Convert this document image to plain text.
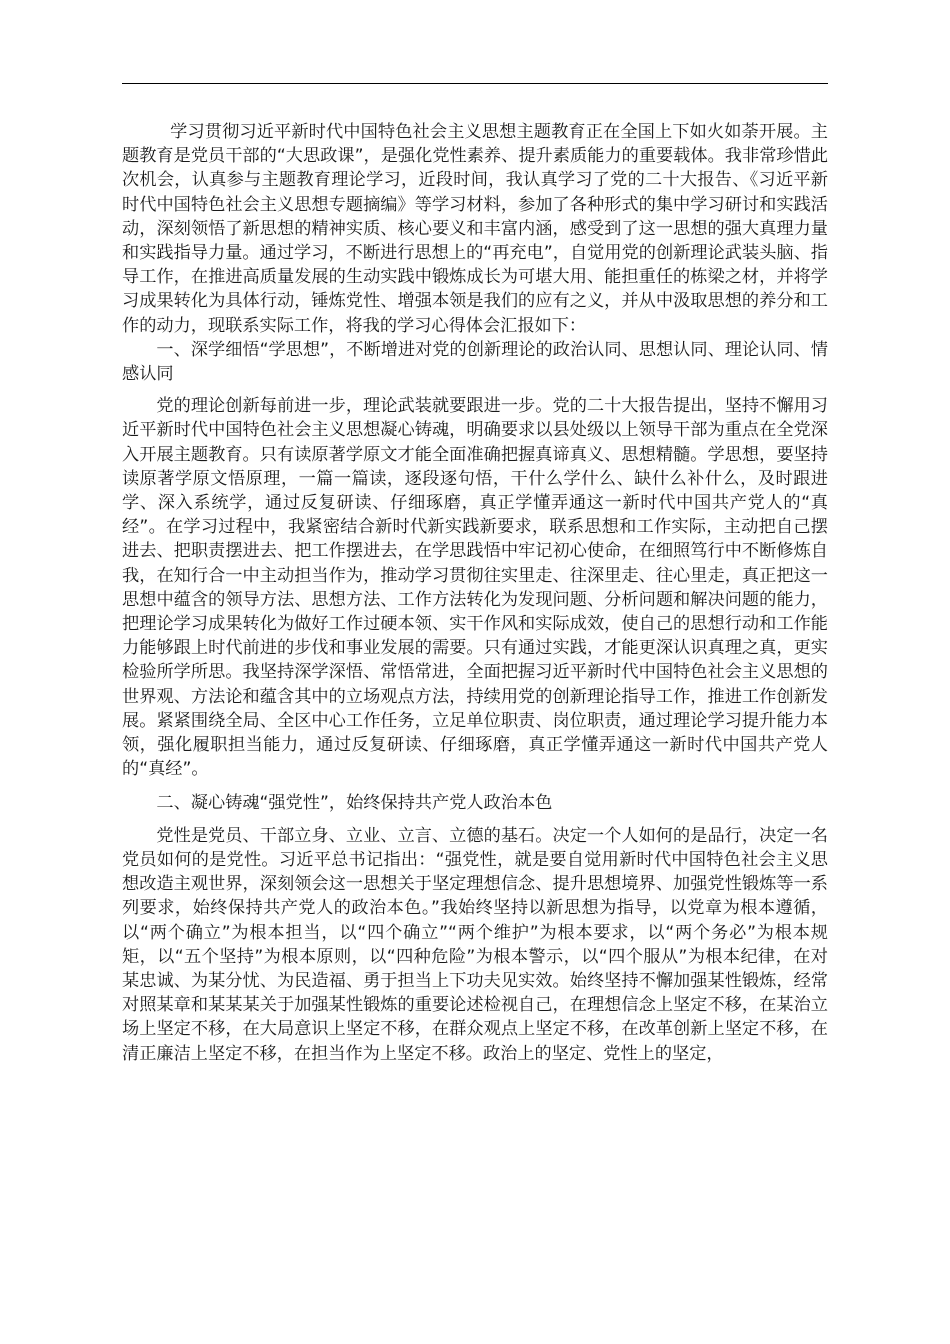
学习贯彻习近平新时代中国特色社会主义思想主题教育正在全国上下如火如荼开展。主题教育是党员干部的“大思政课”，是强化党性素养、提升素质能力的重要载体。我非常珍惜此次机会，认真参与主题教育理论学习，近段时间，我认真学习了党的二十大报告、《习近平新时代中国特色社会主义思想专题摘编》等学习材料，参加了各种形式的集中学习研讨和实践活动，深刻领悟了新思想的精神实质、核心要义和丰富内涵，感受到了这一思想的强大真理力量和实践指导力量。通过学习，不断进行思想上的“再充电”，自觉用党的创新理论武装头脑、指导工作，在推进高质量发展的生动实践中锻炼成长为可堪大用、能担重任的栋梁之材，并将学习成果转化为具体行动，锤炼党性、增强本领是我们的应有之义，并从中汲取思想的养分和工作的动力，现联系实际工作，将我的学习心得体会汇报如下：

一、深学细悟“学思想”，不断增进对党的创新理论的政治认同、思想认同、理论认同、情感认同

党的理论创新每前进一步，理论武装就要跟进一步。党的二十大报告提出，坚持不懈用习近平新时代中国特色社会主义思想凝心铸魂，明确要求以县处级以上领导干部为重点在全党深入开展主题教育。只有读原著学原文才能全面准确把握真谛真义、思想精髓。学思想，要坚持读原著学原文悟原理，一篇一篇读，逐段逐句悟，干什么学什么、缺什么补什么，及时跟进学、深入系统学，通过反复研读、仔细琢磨，真正学懂弄通这一新时代中国共产党人的“真经”。在学习过程中，我紧密结合新时代新实践新要求，联系思想和工作实际，主动把自己摆进去、把职责摆进去、把工作摆进去，在学思践悟中牢记初心使命，在细照笃行中不断修炼自我，在知行合一中主动担当作为，推动学习贯彻往实里走、往深里走、往心里走，真正把这一思想中蕴含的领导方法、思想方法、工作方法转化为发现问题、分析问题和解决问题的能力，把理论学习成果转化为做好工作过硬本领、实干作风和实际成效，使自己的思想行动和工作能力能够跟上时代前进的步伐和事业发展的需要。只有通过实践，才能更深认识真理之真，更实检验所学所思。我坚持深学深悟、常悟常进，全面把握习近平新时代中国特色社会主义思想的世界观、方法论和蕴含其中的立场观点方法，持续用党的创新理论指导工作，推进工作创新发展。紧紧围绕全局、全区中心工作任务，立足单位职责、岗位职责，通过理论学习提升能力本领，强化履职担当能力，通过反复研读、仔细琢磨，真正学懂弄通这一新时代中国共产党人的“真经”。

二、凝心铸魂“强党性”，始终保持共产党人政治本色

党性是党员、干部立身、立业、立言、立德的基石。决定一个人如何的是品行，决定一名党员如何的是党性。习近平总书记指出：“强党性，就是要自觉用新时代中国特色社会主义思想改造主观世界，深刻领会这一思想关于坚定理想信念、提升思想境界、加强党性锻炼等一系列要求，始终保持共产党人的政治本色。”我始终坚持以新思想为指导，以党章为根本遵循，以“两个确立”为根本担当，以“四个确立”“两个维护”为根本要求，以“两个务必”为根本规矩，以“五个坚持”为根本原则，以“四种危险”为根本警示，以“四个服从”为根本纪律，在对某忠诚、为某分忧、为民造福、勇于担当上下功夫见实效。始终坚持不懈加强某性锻炼，经常对照某章和某某某关于加强某性锻炼的重要论述检视自己，在理想信念上坚定不移，在某治立场上坚定不移，在大局意识上坚定不移，在群众观点上坚定不移，在改革创新上坚定不移，在清正廉洁上坚定不移，在担当作为上坚定不移。政治上的坚定、党性上的坚定，
